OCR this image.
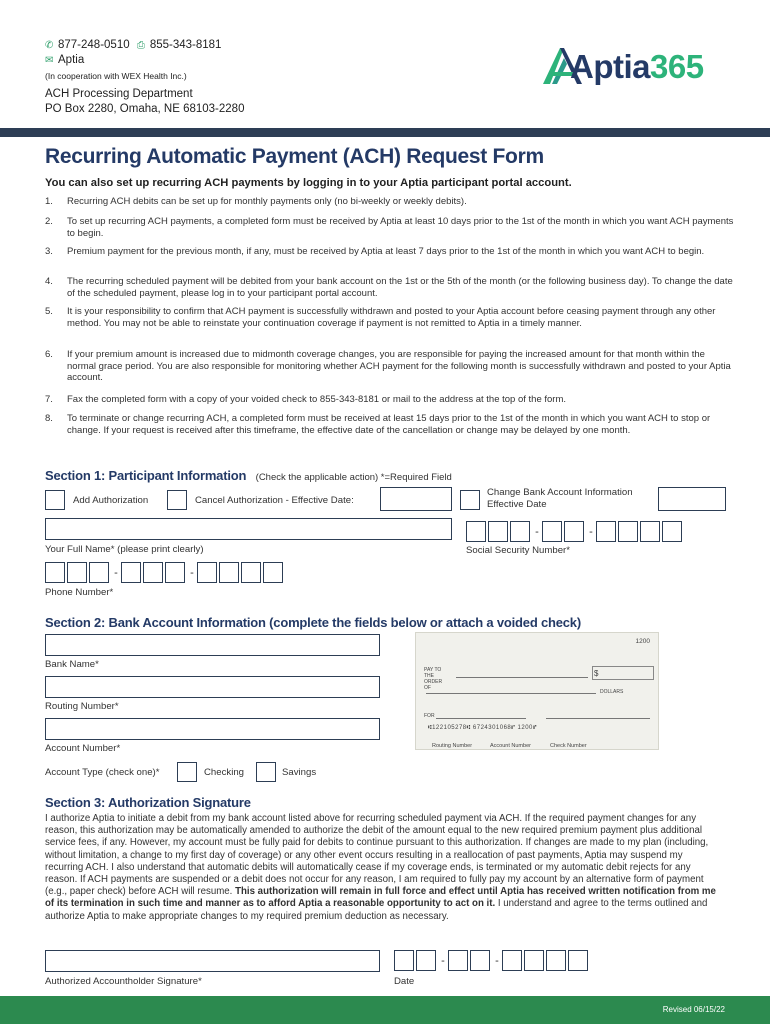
✆ 877-248-0510 ⎙ 855-343-8181
✉ Aptia
(In cooperation with WEX Health Inc.)
ACH Processing Department
PO Box 2280, Omaha, NE 68103-2280
Aptia365
Recurring Automatic Payment (ACH) Request Form
You can also set up recurring ACH payments by logging in to your Aptia participant portal account.
1.	Recurring ACH debits can be set up for monthly payments only (no bi-weekly or weekly debits).
2.	To set up recurring ACH payments, a completed form must be received by Aptia at least 10 days prior to the 1st of the month in which you want ACH payments to begin.
3.	Premium payment for the previous month, if any, must be received by Aptia at least 7 days prior to the 1st of the month in which you want ACH to begin.
4.	The recurring scheduled payment will be debited from your bank account on the 1st or the 5th of the month (or the following business day). To change the date of the scheduled payment, please log in to your participant portal account.
5.	It is your responsibility to confirm that ACH payment is successfully withdrawn and posted to your Aptia account before ceasing payment through any other method. You may not be able to reinstate your continuation coverage if payment is not remitted to Aptia in a timely manner.
6.	If your premium amount is increased due to midmonth coverage changes, you are responsible for paying the increased amount for that month within the normal grace period. You are also responsible for monitoring whether ACH payment for the following month is successfully withdrawn and posted to your Aptia account.
7.	Fax the completed form with a copy of your voided check to 855-343-8181 or mail to the address at the top of the form.
8.	To terminate or change recurring ACH, a completed form must be received at least 15 days prior to the 1st of the month in which you want ACH to stop or change. If your request is received after this timeframe, the effective date of the cancellation or change may be delayed by one month.
Section 1: Participant Information (Check the applicable action) *=Required Field
Add Authorization	Cancel Authorization - Effective Date:
Change Bank Account Information
Effective Date
Your Full Name* (please print clearly)
-	-
Social Security Number*
-	-
Phone Number*
Section 2: Bank Account Information (complete the fields below or attach a voided check)
Bank Name*
Routing Number*
Account Number*
Account Type (check one)*	Checking	Savings
1200
PAY TO THE ORDER OF
$
DOLLARS
FOR
⑆122105278⑆ 6724301068⑈ 1200⑈
Routing Number	Account Number	Check Number
Section 3: Authorization Signature
I authorize Aptia to initiate a debit from my bank account listed above for recurring scheduled payment via ACH. If the required payment changes for any reason, this authorization may be automatically amended to authorize the debit of the amount equal to the new required premium payment plus additional service fees, if any. However, my account must be fully paid for debits to continue pursuant to this authorization. If changes are made to my plan (including, without limitation, a change to my first day of coverage) or any other event occurs resulting in a reallocation of past payments, Aptia may suspend my recurring ACH. I also understand that automatic debits will automatically cease if my coverage ends, is terminated or my automatic debit rejects for any reason. If ACH payments are suspended or a debit does not occur for any reason, I am required to fully pay my account by an alternative form of payment (e.g., paper check) before ACH will resume. This authorization will remain in full force and effect until Aptia has received written notification from me of its termination in such time and manner as to afford Aptia a reasonable opportunity to act on it. I understand and agree to the terms outlined and authorize Aptia to make appropriate changes to my required premium deduction as necessary.
Authorized Accountholder Signature*
-	-
Date
Revised 06/15/22
